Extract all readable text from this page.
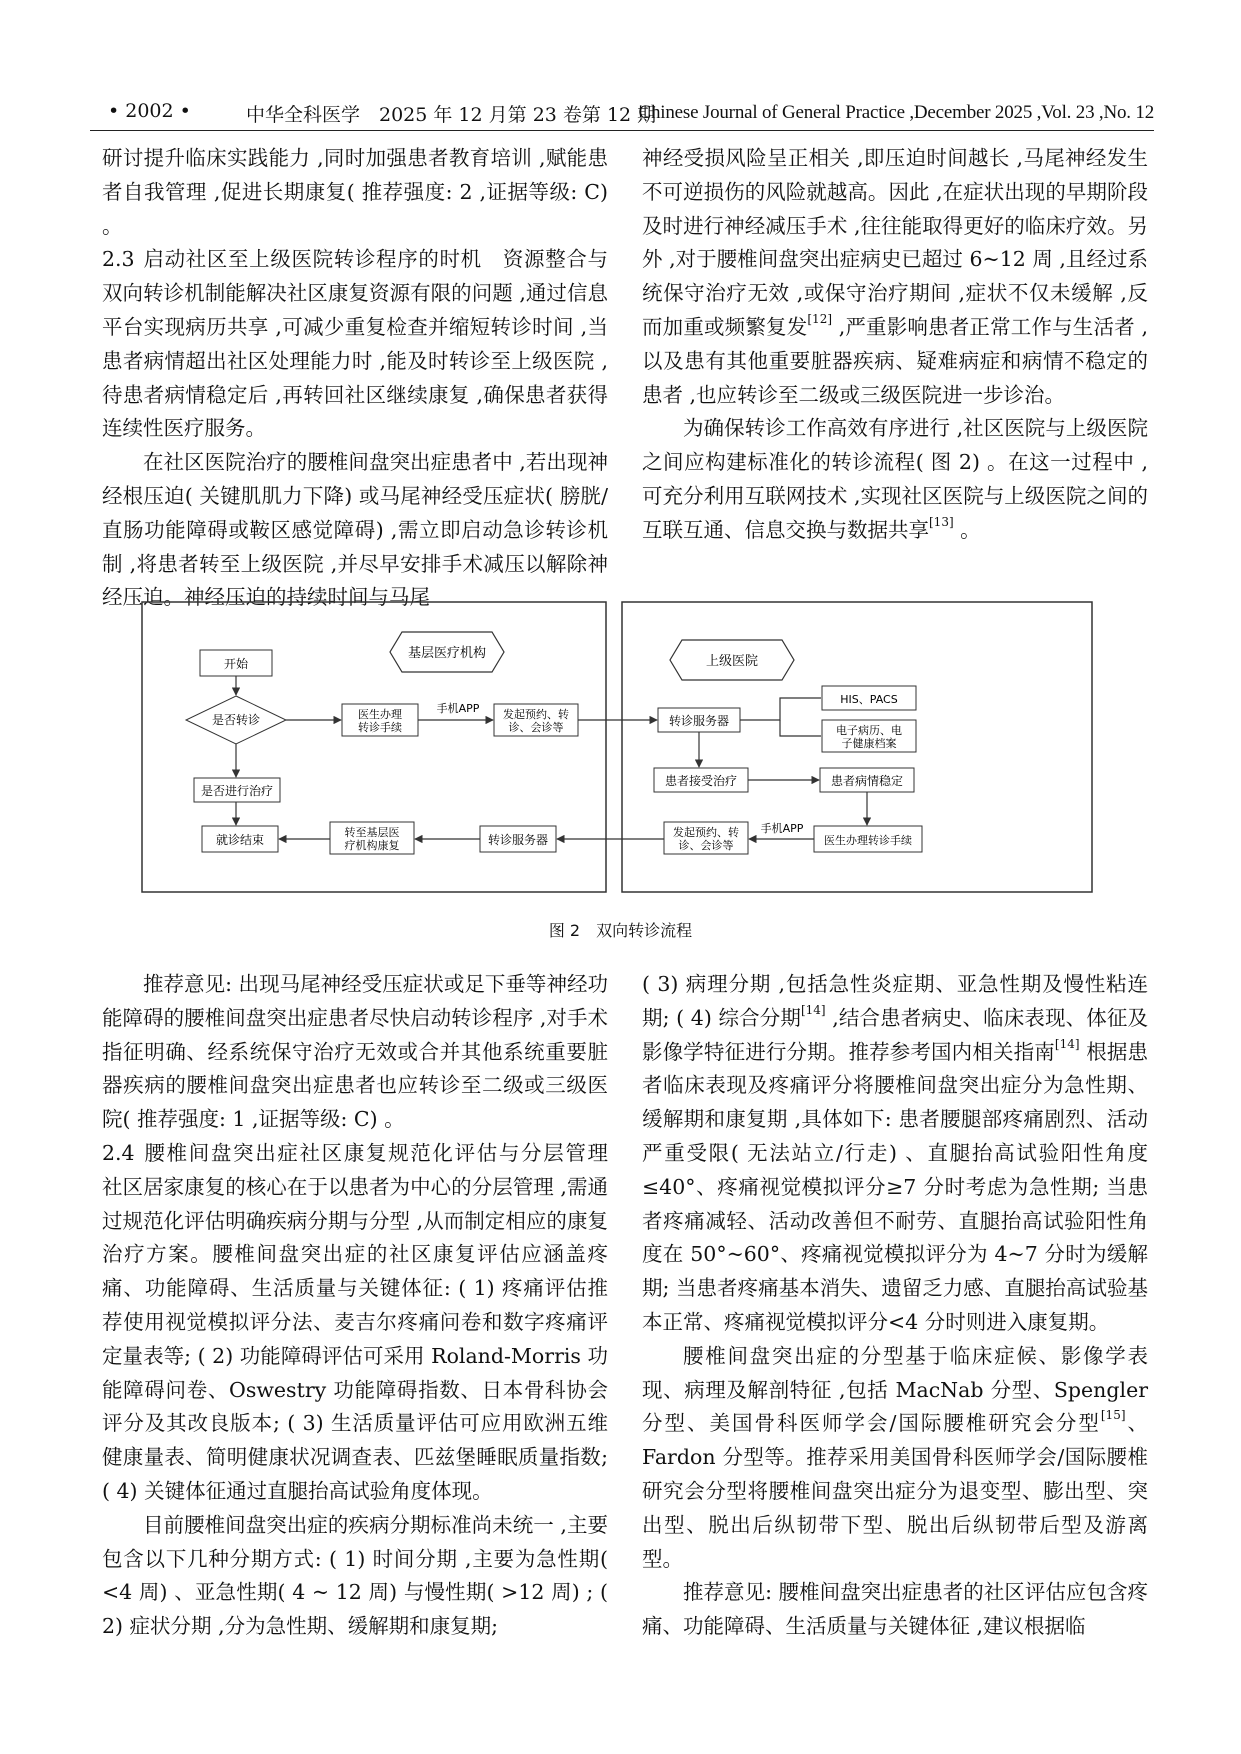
• 2002 •	中华全科医学　2025 年 12 月第 23 卷第 12 期
Chinese Journal of General Practice ,December 2025 ,Vol. 23 ,No. 12

研讨提升临床实践能力 ,同时加强患者教育培训 ,赋能患者自我管理 ,促进长期康复( 推荐强度: 2 ,证据等级: C) 。

2.3 启动社区至上级医院转诊程序的时机　资源整合与双向转诊机制能解决社区康复资源有限的问题 ,通过信息平台实现病历共享 ,可减少重复检查并缩短转诊时间 ,当患者病情超出社区处理能力时 ,能及时转诊至上级医院 ,待患者病情稳定后 ,再转回社区继续康复 ,确保患者获得连续性医疗服务。

在社区医院治疗的腰椎间盘突出症患者中 ,若出现神经根压迫( 关键肌肌力下降) 或马尾神经受压症状( 膀胱/直肠功能障碍或鞍区感觉障碍) ,需立即启动急诊转诊机制 ,将患者转至上级医院 ,并尽早安排手术减压以解除神经压迫。神经压迫的持续时间与马尾

神经受损风险呈正相关 ,即压迫时间越长 ,马尾神经发生不可逆损伤的风险就越高。因此 ,在症状出现的早期阶段及时进行神经减压手术 ,往往能取得更好的临床疗效。另外 ,对于腰椎间盘突出症病史已超过 6~12 周 ,且经过系统保守治疗无效 ,或保守治疗期间 ,症状不仅未缓解 ,反而加重或频繁复发[12] ,严重影响患者正常工作与生活者 ,以及患有其他重要脏器疾病、疑难病症和病情不稳定的患者 ,也应转诊至二级或三级医院进一步诊治。

为确保转诊工作高效有序进行 ,社区医院与上级医院之间应构建标准化的转诊流程( 图 2) 。在这一过程中 ,可充分利用互联网技术 ,实现社区医院与上级医院之间的互联互通、信息交换与数据共享[13] 。

基层医疗机构
上级医院
开始
是否转诊
是否进行治疗
就诊结束
医生办理
转诊手续
发起预约、转
诊、会诊等
转诊服务器
转至基层医
疗机构康复
转诊服务器
HIS、PACS
电子病历、电
子健康档案
患者接受治疗	患者病情稳定
医生办理转诊手续
发起预约、转
诊、会诊等
手机APP
手机APP
图 2 双向转诊流程

推荐意见: 出现马尾神经受压症状或足下垂等神经功能障碍的腰椎间盘突出症患者尽快启动转诊程序 ,对手术指征明确、经系统保守治疗无效或合并其他系统重要脏器疾病的腰椎间盘突出症患者也应转诊至二级或三级医院( 推荐强度: 1 ,证据等级: C) 。

2.4 腰椎间盘突出症社区康复规范化评估与分层管理　社区居家康复的核心在于以患者为中心的分层管理 ,需通过规范化评估明确疾病分期与分型 ,从而制定相应的康复治疗方案。腰椎间盘突出症的社区康复评估应涵盖疼痛、功能障碍、生活质量与关键体征: ( 1) 疼痛评估推荐使用视觉模拟评分法、麦吉尔疼痛问卷和数字疼痛评定量表等; ( 2) 功能障碍评估可采用 Roland-Morris 功能障碍问卷、Oswestry 功能障碍指数、日本骨科协会评分及其改良版本; ( 3) 生活质量评估可应用欧洲五维健康量表、简明健康状况调查表、匹兹堡睡眠质量指数; ( 4) 关键体征通过直腿抬高试验角度体现。

目前腰椎间盘突出症的疾病分期标准尚未统一 ,主要包含以下几种分期方式: ( 1) 时间分期 ,主要为急性期( <4 周) 、亚急性期( 4 ~ 12 周) 与慢性期( >12 周) ; ( 2) 症状分期 ,分为急性期、缓解期和康复期;

( 3) 病理分期 ,包括急性炎症期、亚急性期及慢性粘连期; ( 4) 综合分期[14] ,结合患者病史、临床表现、体征及影像学特征进行分期。推荐参考国内相关指南[14] 根据患者临床表现及疼痛评分将腰椎间盘突出症分为急性期、缓解期和康复期 ,具体如下: 患者腰腿部疼痛剧烈、活动严重受限( 无法站立/行走) 、直腿抬高试验阳性角度≤40°、疼痛视觉模拟评分≥7 分时考虑为急性期; 当患者疼痛减轻、活动改善但不耐劳、直腿抬高试验阳性角度在 50°~60°、疼痛视觉模拟评分为 4~7 分时为缓解期; 当患者疼痛基本消失、遗留乏力感、直腿抬高试验基本正常、疼痛视觉模拟评分<4 分时则进入康复期。

腰椎间盘突出症的分型基于临床症候、影像学表现、病理及解剖特征 ,包括 MacNab 分型、Spengler 分型、美国骨科医师学会/国际腰椎研究会分型[15]、Fardon 分型等。推荐采用美国骨科医师学会/国际腰椎研究会分型将腰椎间盘突出症分为退变型、膨出型、突出型、脱出后纵韧带下型、脱出后纵韧带后型及游离型。

推荐意见: 腰椎间盘突出症患者的社区评估应包含疼痛、功能障碍、生活质量与关键体征 ,建议根据临
